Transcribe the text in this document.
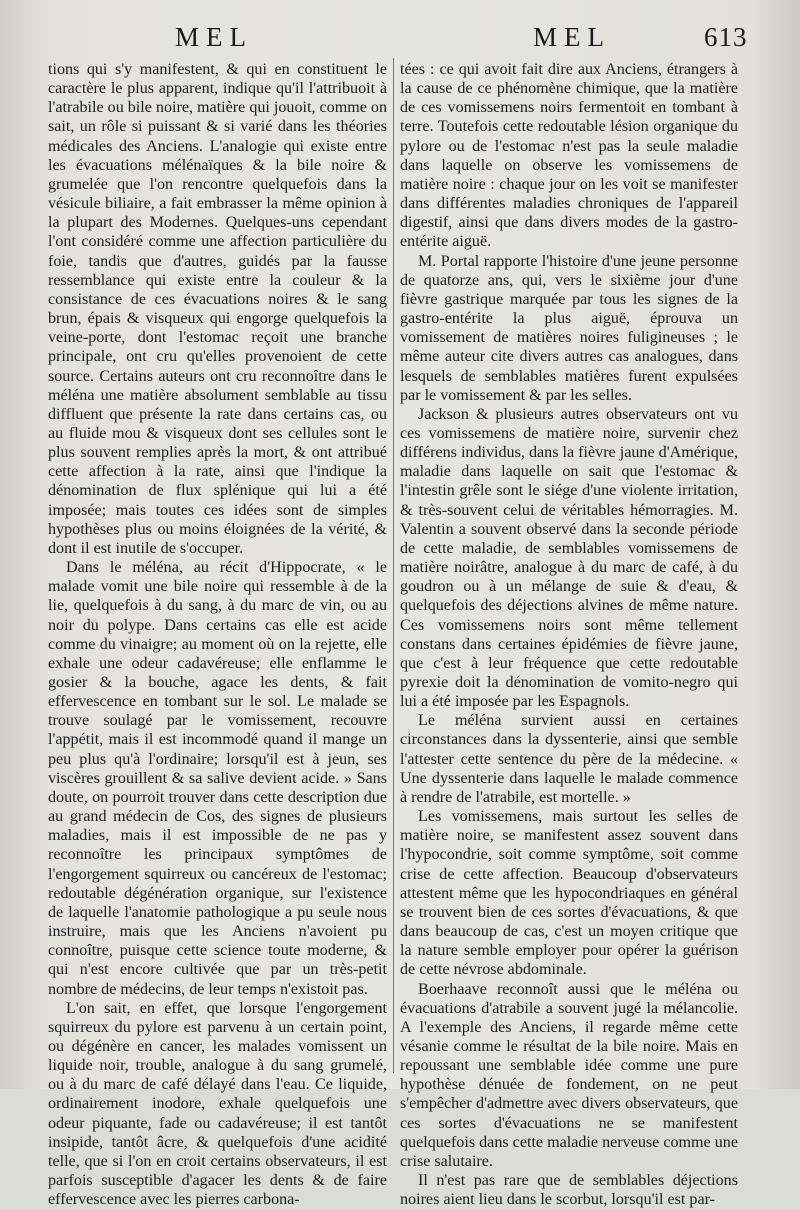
MEL	MEL	613

tions qui s'y manifestent, & qui en constituent le caractère le plus apparent, indique qu'il l'attribuoit à l'atrabile ou bile noire, matière qui jouoit, comme on sait, un rôle si puissant & si varié dans les théories médicales des Anciens. L'analogie qui existe entre les évacuations mélénaïques & la bile noire & grumelée que l'on rencontre quelquefois dans la vésicule biliaire, a fait embrasser la même opinion à la plupart des Modernes. Quelques-uns cependant l'ont considéré comme une affection particulière du foie, tandis que d'autres, guidés par la fausse ressemblance qui existe entre la couleur & la consistance de ces évacuations noires & le sang brun, épais & visqueux qui engorge quelquefois la veine-porte, dont l'estomac reçoit une branche principale, ont cru qu'elles provenoient de cette source. Certains auteurs ont cru reconnoître dans le méléna une matière absolument semblable au tissu diffluent que présente la rate dans certains cas, ou au fluide mou & visqueux dont ses cellules sont le plus souvent remplies après la mort, & ont attribué cette affection à la rate, ainsi que l'indique la dénomination de flux splénique qui lui a été imposée; mais toutes ces idées sont de simples hypothèses plus ou moins éloignées de la vérité, & dont il est inutile de s'occuper.

Dans le méléna, au récit d'Hippocrate, « le malade vomit une bile noire qui ressemble à de la lie, quelquefois à du sang, à du marc de vin, ou au noir du polype. Dans certains cas elle est acide comme du vinaigre; au moment où on la rejette, elle exhale une odeur cadavéreuse; elle enflamme le gosier & la bouche, agace les dents, & fait effervescence en tombant sur le sol. Le malade se trouve soulagé par le vomissement, recouvre l'appétit, mais il est incommodé quand il mange un peu plus qu'à l'ordinaire; lorsqu'il est à jeun, ses viscères grouillent & sa salive devient acide. » Sans doute, on pourroit trouver dans cette description due au grand médecin de Cos, des signes de plusieurs maladies, mais il est impossible de ne pas y reconnoître les principaux symptômes de l'engorgement squirreux ou cancéreux de l'estomac; redoutable dégénération organique, sur l'existence de laquelle l'anatomie pathologique a pu seule nous instruire, mais que les Anciens n'avoient pu connoître, puisque cette science toute moderne, & qui n'est encore cultivée que par un très-petit nombre de médecins, de leur temps n'existoit pas.

L'on sait, en effet, que lorsque l'engorgement squirreux du pylore est parvenu à un certain point, ou dégénère en cancer, les malades vomissent un liquide noir, trouble, analogue à du sang grumelé, ou à du marc de café délayé dans l'eau. Ce liquide, ordinairement inodore, exhale quelquefois une odeur piquante, fade ou cadavéreuse; il est tantôt insipide, tantôt âcre, & quelquefois d'une acidité telle, que si l'on en croit certains observateurs, il est parfois susceptible d'agacer les dents & de faire effervescence avec les pierres carbona-

tées : ce qui avoit fait dire aux Anciens, étrangers à la cause de ce phénomène chimique, que la matière de ces vomissemens noirs fermentoit en tombant à terre. Toutefois cette redoutable lésion organique du pylore ou de l'estomac n'est pas la seule maladie dans laquelle on observe les vomissemens de matière noire : chaque jour on les voit se manifester dans différentes maladies chroniques de l'appareil digestif, ainsi que dans divers modes de la gastro-entérite aiguë.

M. Portal rapporte l'histoire d'une jeune personne de quatorze ans, qui, vers le sixième jour d'une fièvre gastrique marquée par tous les signes de la gastro-entérite la plus aiguë, éprouva un vomissement de matières noires fuligineuses ; le même auteur cite divers autres cas analogues, dans lesquels de semblables matières furent expulsées par le vomissement & par les selles.

Jackson & plusieurs autres observateurs ont vu ces vomissemens de matière noire, survenir chez différens individus, dans la fièvre jaune d'Amérique, maladie dans laquelle on sait que l'estomac & l'intestin grêle sont le siége d'une violente irritation, & très-souvent celui de véritables hémorragies. M. Valentin a souvent observé dans la seconde période de cette maladie, de semblables vomissemens de matière noirâtre, analogue à du marc de café, à du goudron ou à un mélange de suie & d'eau, & quelquefois des déjections alvines de même nature. Ces vomissemens noirs sont même tellement constans dans certaines épidémies de fièvre jaune, que c'est à leur fréquence que cette redoutable pyrexie doit la dénomination de vomito-negro qui lui a été imposée par les Espagnols.

Le méléna survient aussi en certaines circonstances dans la dyssenterie, ainsi que semble l'attester cette sentence du père de la médecine. « Une dyssenterie dans laquelle le malade commence à rendre de l'atrabile, est mortelle. »

Les vomissemens, mais surtout les selles de matière noire, se manifestent assez souvent dans l'hypocondrie, soit comme symptôme, soit comme crise de cette affection. Beaucoup d'observateurs attestent même que les hypocondriaques en général se trouvent bien de ces sortes d'évacuations, & que dans beaucoup de cas, c'est un moyen critique que la nature semble employer pour opérer la guérison de cette névrose abdominale.

Boerhaave reconnoît aussi que le méléna ou évacuations d'atrabile a souvent jugé la mélancolie. A l'exemple des Anciens, il regarde même cette vésanie comme le résultat de la bile noire. Mais en repoussant une semblable idée comme une pure hypothèse dénuée de fondement, on ne peut s'empêcher d'admettre avec divers observateurs, que ces sortes d'évacuations ne se manifestent quelquefois dans cette maladie nerveuse comme une crise salutaire.

Il n'est pas rare que de semblables déjections noires aient lieu dans le scorbut, lorsqu'il est par-
